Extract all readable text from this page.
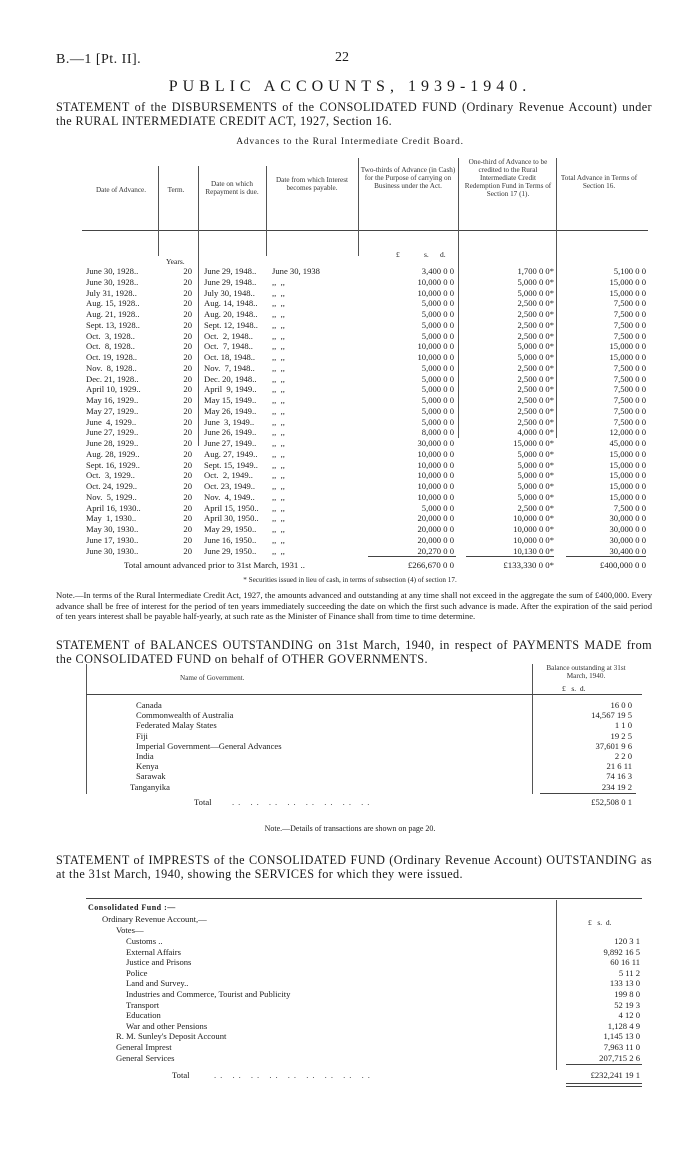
B.—1 [Pt. II].	22
PUBLIC ACCOUNTS, 1939-1940.
STATEMENT of the DISBURSEMENTS of the CONSOLIDATED FUND (Ordinary Revenue Account) under the RURAL INTERMEDIATE CREDIT ACT, 1927, Section 16.
Advances to the Rural Intermediate Credit Board.
Date of Advance.	Term.
Date on which Repayment is due.
Date from which Interest becomes payable.
Two-thirds of Advance (in Cash) for the Purpose of carrying on Business under the Act.
One-third of Advance to be credited to the Rural Intermediate Credit Redemption Fund in Terms of Section 17 (1).
Total Advance in Terms of Section 16.
Years.
£	s. d.
June 30, 1928..	20 June 29, 1948..	June 30, 1938	3,400 0 0	1,700 0 0*	5,100 0 0
June 30, 1928..	20 June 29, 1948..	,,  ,,	10,000 0 0	5,000 0 0*	15,000 0 0
July 31, 1928..	20 July 30, 1948..	,,  ,,	10,000 0 0	5,000 0 0*	15,000 0 0
Aug. 15, 1928..	20 Aug. 14, 1948..	,,  ,,	5,000 0 0	2,500 0 0*	7,500 0 0
Aug. 21, 1928..	20 Aug. 20, 1948..	,,  ,,	5,000 0 0	2,500 0 0*	7,500 0 0
Sept. 13, 1928..	20 Sept. 12, 1948..	,,  ,,	5,000 0 0	2,500 0 0*	7,500 0 0
Oct.  3, 1928..	20 Oct.  2, 1948..	,,  ,,	5,000 0 0	2,500 0 0*	7,500 0 0
Oct.  8, 1928..	20 Oct.  7, 1948..	,,  ,,	10,000 0 0	5,000 0 0*	15,000 0 0
Oct. 19, 1928..	20 Oct. 18, 1948..	,,  ,,	10,000 0 0	5,000 0 0*	15,000 0 0
Nov.  8, 1928..	20 Nov.  7, 1948..	,,  ,,	5,000 0 0	2,500 0 0*	7,500 0 0
Dec. 21, 1928..	20 Dec. 20, 1948..	,,  ,,	5,000 0 0	2,500 0 0*	7,500 0 0
April 10, 1929..	20 April  9, 1949..	,,  ,,	5,000 0 0	2,500 0 0*	7,500 0 0
May 16, 1929..	20 May 15, 1949..	,,  ,,	5,000 0 0	2,500 0 0*	7,500 0 0
May 27, 1929..	20 May 26, 1949..	,,  ,,	5,000 0 0	2,500 0 0*	7,500 0 0
June  4, 1929..	20 June  3, 1949..	,,  ,,	5,000 0 0	2,500 0 0*	7,500 0 0
June 27, 1929..	20 June 26, 1949..	,,  ,,	8,000 0 0	4,000 0 0*	12,000 0 0
June 28, 1929..	20 June 27, 1949..	,,  ,,	30,000 0 0	15,000 0 0*	45,000 0 0
Aug. 28, 1929..	20 Aug. 27, 1949..	,,  ,,	10,000 0 0	5,000 0 0*	15,000 0 0
Sept. 16, 1929..	20 Sept. 15, 1949..	,,  ,,	10,000 0 0	5,000 0 0*	15,000 0 0
Oct.  3, 1929..	20 Oct.  2, 1949..	,,  ,,	10,000 0 0	5,000 0 0*	15,000 0 0
Oct. 24, 1929..	20 Oct. 23, 1949..	,,  ,,	10,000 0 0	5,000 0 0*	15,000 0 0
Nov.  5, 1929..	20 Nov.  4, 1949..	,,  ,,	10,000 0 0	5,000 0 0*	15,000 0 0
April 16, 1930..	20 April 15, 1950..	,,  ,,	5,000 0 0	2,500 0 0*	7,500 0 0
May  1, 1930..	20 April 30, 1950..	,,  ,,	20,000 0 0	10,000 0 0*	30,000 0 0
May 30, 1930..	20 May 29, 1950..	,,  ,,	20,000 0 0	10,000 0 0*	30,000 0 0
June 17, 1930..	20 June 16, 1950..	,,  ,,	20,000 0 0	10,000 0 0*	30,000 0 0
June 30, 1930..	20 June 29, 1950..	,,  ,,	20,270 0 0	10,130 0 0*	30,400 0 0
Total amount advanced prior to 31st March, 1931 ..	£266,670 0 0	£133,330 0 0*	£400,000 0 0
* Securities issued in lieu of cash, in terms of subsection (4) of section 17.
Note.—In terms of the Rural Intermediate Credit Act, 1927, the amounts advanced and outstanding at any time shall not exceed in the aggregate the sum of £400,000. Every advance shall be free of interest for the period of ten years immediately succeeding the date on which the first such advance is made. After the expiration of the said period of ten years interest shall be payable half-yearly, at such rate as the Minister of Finance shall from time to time determine.
STATEMENT of BALANCES OUTSTANDING on 31st March, 1940, in respect of PAYMENTS MADE from the CONSOLIDATED FUND on behalf of OTHER GOVERNMENTS.
Name of Government.
Balance outstanding at 31st March, 1940.
£   s.  d.
Canada	16 0 0
Commonwealth of Australia	14,567 19 5
Federated Malay States	1 1 0
Fiji	19 2 5
Imperial Government—General Advances	37,601 9 6
India	2 2 0
Kenya	21 6 11
Sarawak	74 16 3
Tanganyika	234 19 2
Total .. .. .. .. .. .. .. ..	£52,508 0 1
Note.—Details of transactions are shown on page 20.
STATEMENT of IMPRESTS of the CONSOLIDATED FUND (Ordinary Revenue Account) OUTSTANDING as at the 31st March, 1940, showing the SERVICES for which they were issued.
Consolidated Fund :—
Ordinary Revenue Account,—
Votes—
£   s.  d.
Customs ..	120 3 1
External Affairs	9,892 16 5
Justice and Prisons	60 16 11
Police	5 11 2
Land and Survey..	133 13 0
Industries and Commerce, Tourist and Publicity	199 8 0
Transport	52 19 3
Education	4 12 0
War and other Pensions	1,128 4 9
R. M. Sunley's Deposit Account	1,145 13 0
General Imprest	7,963 11 0
General Services	207,715 2 6
Total	.. .. .. .. .. .. .. .. ..	£232,241 19 1
